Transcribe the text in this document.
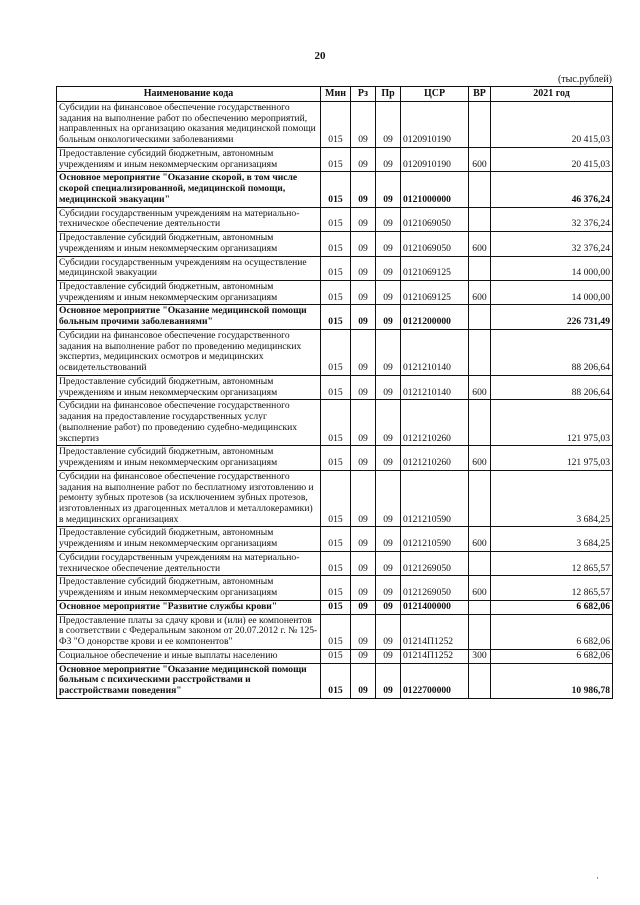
20
(тыс.рублей)
Наименование кода	Мин	Рз	Пр	ЦСР	ВР	2021 год
Субсидии на финансовое обеспечение государственного задания на выполнение работ по обеспечению мероприятий, направленных на организацию оказания медицинской помощи больным онкологическими заболеваниями	015	09	09	0120910190		20 415,03
Предоставление субсидий бюджетным, автономным учреждениям и иным некоммерческим организациям	015	09	09	0120910190	600	20 415,03
Основное мероприятие "Оказание скорой, в том числе скорой специализированной, медицинской помощи, медицинской эвакуации"	015	09	09	0121000000		46 376,24
Субсидии государственным учреждениям на материально-техническое обеспечение деятельности	015	09	09	0121069050		32 376,24
Предоставление субсидий бюджетным, автономным учреждениям и иным некоммерческим организациям	015	09	09	0121069050	600	32 376,24
Субсидии государственным учреждениям на осуществление медицинской эвакуации	015	09	09	0121069125		14 000,00
Предоставление субсидий бюджетным, автономным учреждениям и иным некоммерческим организациям	015	09	09	0121069125	600	14 000,00
Основное мероприятие "Оказание медицинской помощи больным прочими заболеваниями"	015	09	09	0121200000		226 731,49
Субсидии на финансовое обеспечение государственного задания на выполнение работ по проведению медицинских экспертиз, медицинских осмотров и медицинских освидетельствований	015	09	09	0121210140		88 206,64
Предоставление субсидий бюджетным, автономным учреждениям и иным некоммерческим организациям	015	09	09	0121210140	600	88 206,64
Субсидии на финансовое обеспечение государственного задания на предоставление государственных услуг (выполнение работ) по проведению судебно-медицинских экспертиз	015	09	09	0121210260		121 975,03
Предоставление субсидий бюджетным, автономным учреждениям и иным некоммерческим организациям	015	09	09	0121210260	600	121 975,03
Субсидии на финансовое обеспечение государственного задания на выполнение работ по бесплатному изготовлению и ремонту зубных протезов (за исключением зубных протезов, изготовленных из драгоценных металлов и металлокерамики) в медицинских организациях	015	09	09	0121210590		3 684,25
Предоставление субсидий бюджетным, автономным учреждениям и иным некоммерческим организациям	015	09	09	0121210590	600	3 684,25
Субсидии государственным учреждениям на материально-техническое обеспечение деятельности	015	09	09	0121269050		12 865,57
Предоставление субсидий бюджетным, автономным учреждениям и иным некоммерческим организациям	015	09	09	0121269050	600	12 865,57
Основное мероприятие "Развитие службы крови"	015	09	09	0121400000		6 682,06
Предоставление платы за сдачу крови и (или) ее компонентов в соответствии с Федеральным законом от 20.07.2012 г. № 125-ФЗ "О донорстве крови и ее компонентов"	015	09	09	01214П1252		6 682,06
Социальное обеспечение и иные выплаты населению	015	09	09	01214П1252	300	6 682,06
Основное мероприятие "Оказание медицинской помощи больным с психическими расстройствами и расстройствами поведения"	015	09	09	0122700000		10 986,78
·
